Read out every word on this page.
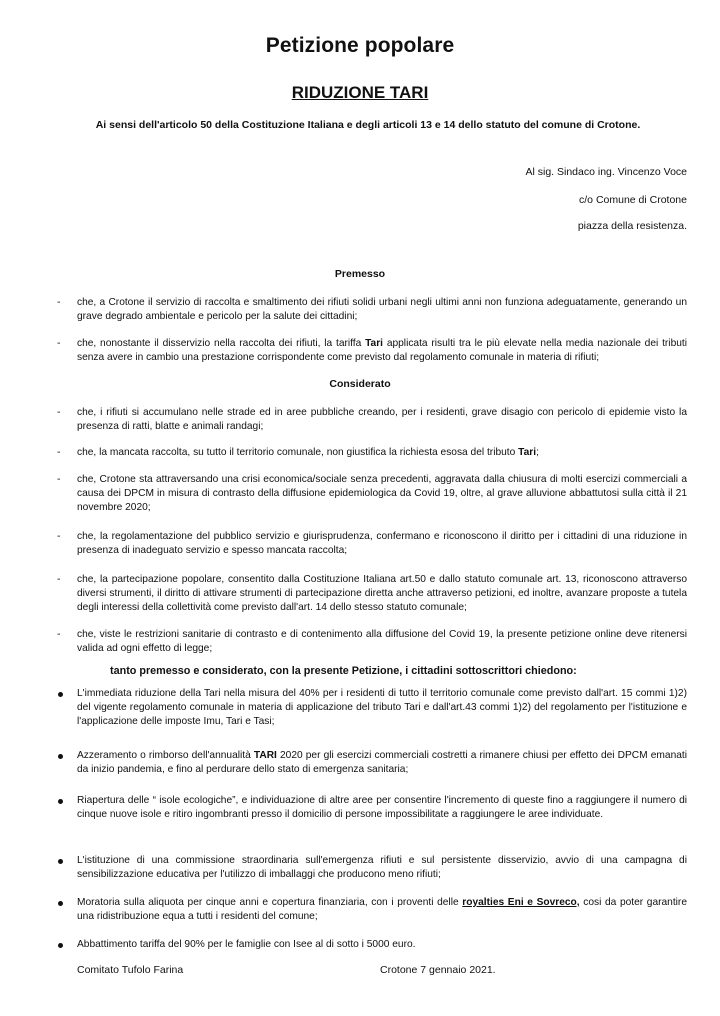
Petizione popolare
RIDUZIONE TARI
Ai sensi dell'articolo 50 della Costituzione Italiana e degli articoli 13 e 14 dello statuto del comune di Crotone.
Al sig. Sindaco ing. Vincenzo Voce
c/o Comune di Crotone
piazza della resistenza.
Premesso
- che, a Crotone il servizio di raccolta e smaltimento dei rifiuti solidi urbani negli ultimi anni non funziona adeguatamente, generando un grave degrado ambientale e pericolo per la salute dei cittadini;
- che, nonostante il disservizio nella raccolta dei rifiuti, la tariffa Tari applicata risulti tra le più elevate nella media nazionale dei tributi senza avere in cambio una prestazione corrispondente come previsto dal regolamento comunale in materia di rifiuti;
Considerato
- che, i rifiuti si accumulano nelle strade ed in aree pubbliche creando, per i residenti, grave disagio con pericolo di epidemie visto la presenza di ratti, blatte e animali randagi;
- che, la mancata raccolta, su tutto il territorio comunale, non giustifica la richiesta esosa del tributo Tari;
- che, Crotone sta attraversando una crisi economica/sociale senza precedenti, aggravata dalla chiusura di molti esercizi commerciali a causa dei DPCM in misura di contrasto della diffusione epidemiologica da Covid 19, oltre, al grave alluvione abbattutosi sulla città il 21 novembre 2020;
- che, la regolamentazione del pubblico servizio e giurisprudenza, confermano e riconoscono il diritto per i cittadini di una riduzione in presenza di inadeguato servizio e spesso mancata raccolta;
- che, la partecipazione popolare, consentito dalla Costituzione Italiana art.50 e dallo statuto comunale art. 13, riconoscono attraverso diversi strumenti, il diritto di attivare strumenti di partecipazione diretta anche attraverso petizioni, ed inoltre, avanzare proposte a tutela degli interessi della collettività come previsto dall'art. 14 dello stesso statuto comunale;
- che, viste le restrizioni sanitarie di contrasto e di contenimento alla diffusione del Covid 19, la presente petizione online deve ritenersi valida ad ogni effetto di legge;
tanto premesso e considerato, con la presente Petizione, i cittadini sottoscrittori chiedono:
L'immediata riduzione della Tari nella misura del 40% per i residenti di tutto il territorio comunale come previsto dall'art. 15 commi 1)2) del vigente regolamento comunale in materia di applicazione del tributo Tari e dall'art.43 commi 1)2) del regolamento per l'istituzione e l'applicazione delle imposte Imu, Tari e Tasi;
Azzeramento o rimborso dell'annualità TARI 2020 per gli esercizi commerciali costretti a rimanere chiusi per effetto dei DPCM emanati da inizio pandemia, e fino al perdurare dello stato di emergenza sanitaria;
Riapertura delle “ isole ecologiche”, e individuazione di altre aree per consentire l'incremento di queste fino a raggiungere il numero di cinque nuove isole e ritiro ingombranti presso il domicilio di persone impossibilitate a raggiungere le aree individuate.
L'istituzione di una commissione straordinaria sull'emergenza rifiuti e sul persistente disservizio, avvio di una campagna di sensibilizzazione educativa per l'utilizzo di imballaggi che producono meno rifiuti;
Moratoria sulla aliquota per cinque anni e copertura finanziaria, con i proventi delle royalties Eni e Sovreco, cosi da poter garantire una ridistribuzione equa a tutti i residenti del comune;
Abbattimento tariffa del 90% per le famiglie con Isee al di sotto i 5000 euro.
Comitato Tufolo Farina	Crotone 7 gennaio 2021.
